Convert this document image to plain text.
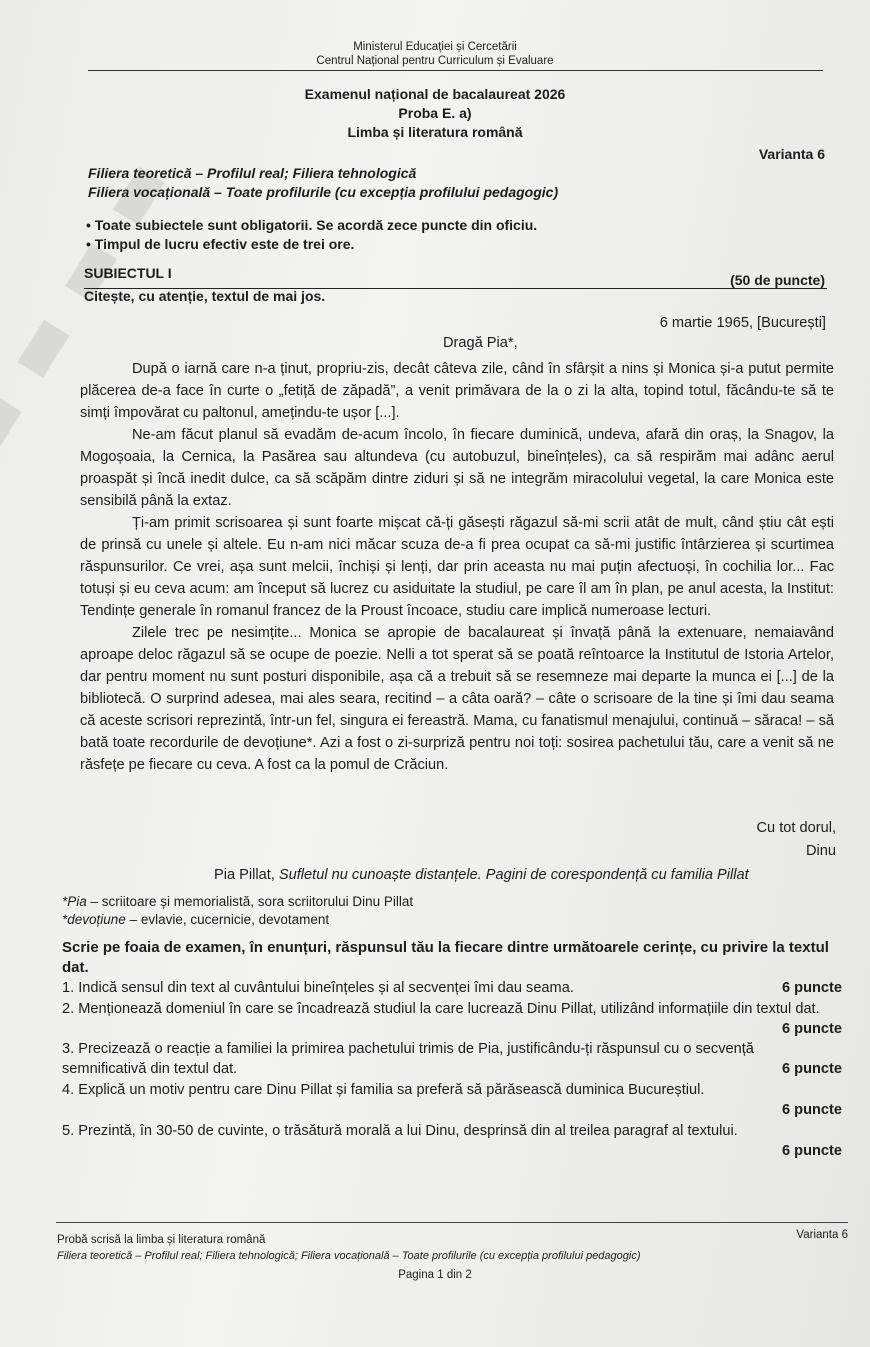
Ministerul Educației și Cercetării
Centrul Național pentru Curriculum și Evaluare
Examenul național de bacalaureat 2026
Proba E. a)
Limba și literatura română
Varianta 6
Filiera teoretică – Profilul real; Filiera tehnologică
Filiera vocațională – Toate profilurile (cu excepția profilului pedagogic)
• Toate subiectele sunt obligatorii. Se acordă zece puncte din oficiu.
• Timpul de lucru efectiv este de trei ore.
SUBIECTUL I	(50 de puncte)
Citește, cu atenție, textul de mai jos.
6 martie 1965, [București]
Dragă Pia*,

După o iarnă care n-a ținut, propriu-zis, decât câteva zile, când în sfârșit a nins și Monica și-a putut permite plăcerea de-a face în curte o „fetiță de zăpadă”, a venit primăvara de la o zi la alta, topind totul, făcându-te să te simți împovărat cu paltonul, amețindu-te ușor [...].

Ne-am făcut planul să evadăm de-acum încolo, în fiecare duminică, undeva, afară din oraș, la Snagov, la Mogoșoaia, la Cernica, la Pasărea sau altundeva (cu autobuzul, bineînțeles), ca să respirăm mai adânc aerul proaspăt și încă inedit dulce, ca să scăpăm dintre ziduri și să ne integrăm miracolului vegetal, la care Monica este sensibilă până la extaz.

Ți-am primit scrisoarea și sunt foarte mișcat că-ți găsești răgazul să-mi scrii atât de mult, când știu cât ești de prinsă cu unele și altele. Eu n-am nici măcar scuza de-a fi prea ocupat ca să-mi justific întârzierea și scurtimea răspunsurilor. Ce vrei, așa sunt melcii, închiși și lenți, dar prin aceasta nu mai puțin afectuoși, în cochilia lor... Fac totuși și eu ceva acum: am început să lucrez cu asiduitate la studiul, pe care îl am în plan, pe anul acesta, la Institut: Tendințe generale în romanul francez de la Proust încoace, studiu care implică numeroase lecturi.

Zilele trec pe nesimțite... Monica se apropie de bacalaureat și învață până la extenuare, nemaiavând aproape deloc răgazul să se ocupe de poezie. Nelli a tot sperat să se poată reîntoarce la Institutul de Istoria Artelor, dar pentru moment nu sunt posturi disponibile, așa că a trebuit să se resemneze mai departe la munca ei [...] de la bibliotecă. O surprind adesea, mai ales seara, recitind – a câta oară? – câte o scrisoare de la tine și îmi dau seama că aceste scrisori reprezintă, într-un fel, singura ei fereastră. Mama, cu fanatismul menajului, continuă – săraca! – să bată toate recordurile de devoțiune*. Azi a fost o zi-surpriză pentru noi toți: sosirea pachetului tău, care a venit să ne răsfețe pe fiecare cu ceva. A fost ca la pomul de Crăciun.

Cu tot dorul,
Dinu
Pia Pillat, Sufletul nu cunoaște distanțele. Pagini de corespondență cu familia Pillat
*Pia – scriitoare și memorialistă, sora scriitorului Dinu Pillat
*devoțiune – evlavie, cucernicie, devotament
Scrie pe foaia de examen, în enunțuri, răspunsul tău la fiecare dintre următoarele cerințe, cu privire la textul dat.
6 puncte
1. Indică sensul din text al cuvântului bineînțeles și al secvenței îmi dau seama.
2. Menționează domeniul în care se încadrează studiul la care lucrează Dinu Pillat, utilizând informațiile din textul dat.
6 puncte
3. Precizează o reacție a familiei la primirea pachetului trimis de Pia, justificându-ți răspunsul cu o secvență semnificativă din textul dat.	6 puncte
4. Explică un motiv pentru care Dinu Pillat și familia sa preferă să părăsească duminica Bucureștiul.
6 puncte
5. Prezintă, în 30-50 de cuvinte, o trăsătură morală a lui Dinu, desprinsă din al treilea paragraf al textului.
6 puncte
Probă scrisă la limba și literatura română	Varianta 6
Filiera teoretică – Profilul real; Filiera tehnologică; Filiera vocațională – Toate profilurile (cu excepția profilului pedagogic)
Pagina 1 din 2
